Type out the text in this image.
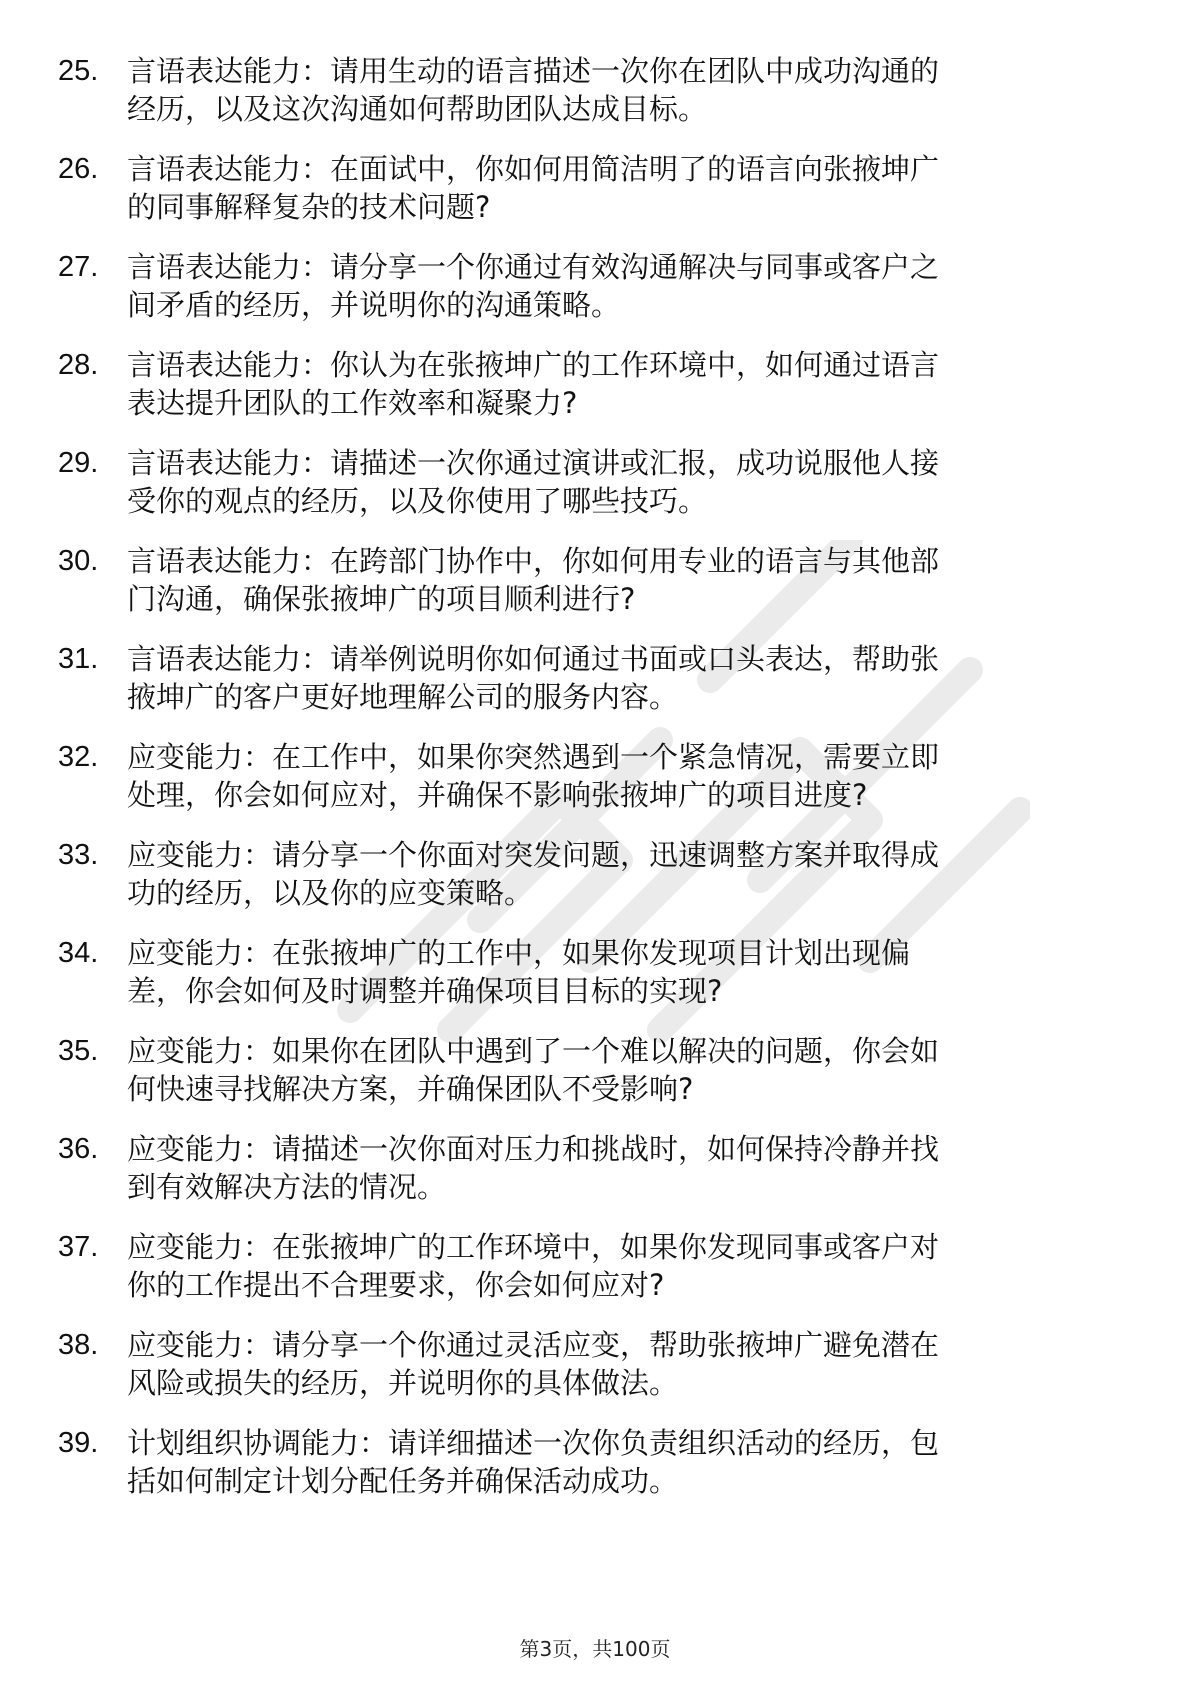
25. 言语表达能力：请用生动的语言描述一次你在团队中成功沟通的
经历，以及这次沟通如何帮助团队达成目标。
26. 言语表达能力：在面试中，你如何用简洁明了的语言向张掖坤广
的同事解释复杂的技术问题?
27. 言语表达能力：请分享一个你通过有效沟通解决与同事或客户之
间矛盾的经历，并说明你的沟通策略。
28. 言语表达能力：你认为在张掖坤广的工作环境中，如何通过语言
表达提升团队的工作效率和凝聚力?
29. 言语表达能力：请描述一次你通过演讲或汇报，成功说服他人接
受你的观点的经历，以及你使用了哪些技巧。
30. 言语表达能力：在跨部门协作中，你如何用专业的语言与其他部
门沟通，确保张掖坤广的项目顺利进行?
31. 言语表达能力：请举例说明你如何通过书面或口头表达，帮助张
掖坤广的客户更好地理解公司的服务内容。
32. 应变能力：在工作中，如果你突然遇到一个紧急情况，需要立即
处理，你会如何应对，并确保不影响张掖坤广的项目进度?
33. 应变能力：请分享一个你面对突发问题，迅速调整方案并取得成
功的经历，以及你的应变策略。
34. 应变能力：在张掖坤广的工作中，如果你发现项目计划出现偏
差，你会如何及时调整并确保项目目标的实现?
35. 应变能力：如果你在团队中遇到了一个难以解决的问题，你会如
何快速寻找解决方案，并确保团队不受影响?
36. 应变能力：请描述一次你面对压力和挑战时，如何保持冷静并找
到有效解决方法的情况。
37. 应变能力：在张掖坤广的工作环境中，如果你发现同事或客户对
你的工作提出不合理要求，你会如何应对?
38. 应变能力：请分享一个你通过灵活应变，帮助张掖坤广避免潜在
风险或损失的经历，并说明你的具体做法。
39. 计划组织协调能力：请详细描述一次你负责组织活动的经历，包
括如何制定计划分配任务并确保活动成功。
第3页，共100页
